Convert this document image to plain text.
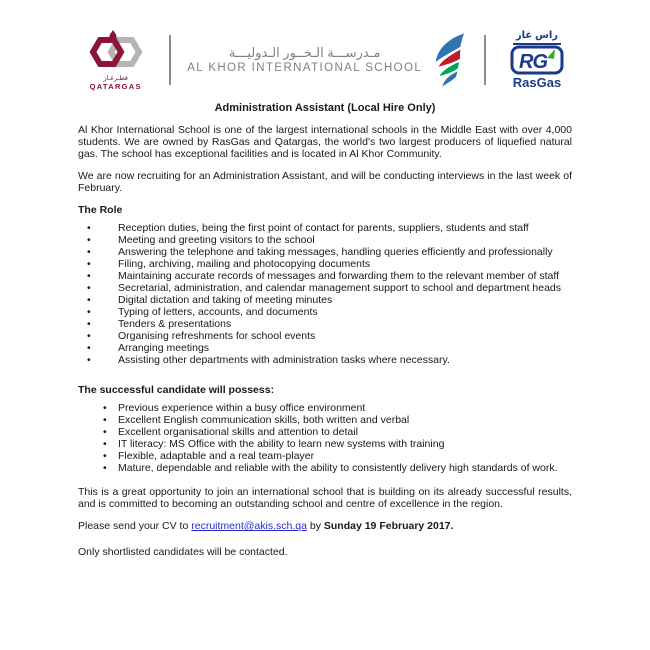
قطـرغـاز
QATARGAS
مـدرســـة الـخــور الـدوليـــة
AL KHOR INTERNATIONAL SCHOOL
راس غاز
RG
RasGas
Administration Assistant (Local Hire Only)

Al Khor International School is one of the largest international schools in the Middle East with over 4,000 students. We are owned by RasGas and Qatargas, the world's two largest producers of liquefied natural gas. The school has exceptional facilities and is located in Al Khor Community.

We are now recruiting for an Administration Assistant, and will be conducting interviews in the last week of February.

The Role
• Reception duties, being the first point of contact for parents, suppliers, students and staff
• Meeting and greeting visitors to the school
• Answering the telephone and taking messages, handling queries efficiently and professionally
• Filing, archiving, mailing and photocopying documents
• Maintaining accurate records of messages and forwarding them to the relevant member of staff
• Secretarial, administration, and calendar management support to school and department heads
• Digital dictation and taking of meeting minutes
• Typing of letters, accounts, and documents
• Tenders & presentations
• Organising refreshments for school events
• Arranging meetings
• Assisting other departments with administration tasks where necessary.
The successful candidate will possess:
• Previous experience within a busy office environment
• Excellent English communication skills, both written and verbal
• Excellent organisational skills and attention to detail
• IT literacy: MS Office with the ability to learn new systems with training
• Flexible, adaptable and a real team-player
• Mature, dependable and reliable with the ability to consistently delivery high standards of work.

This is a great opportunity to join an international school that is building on its already successful results, and is committed to becoming an outstanding school and centre of excellence in the region.

Please send your CV to recruitment@akis.sch.qa by Sunday 19 February 2017.

Only shortlisted candidates will be contacted.
